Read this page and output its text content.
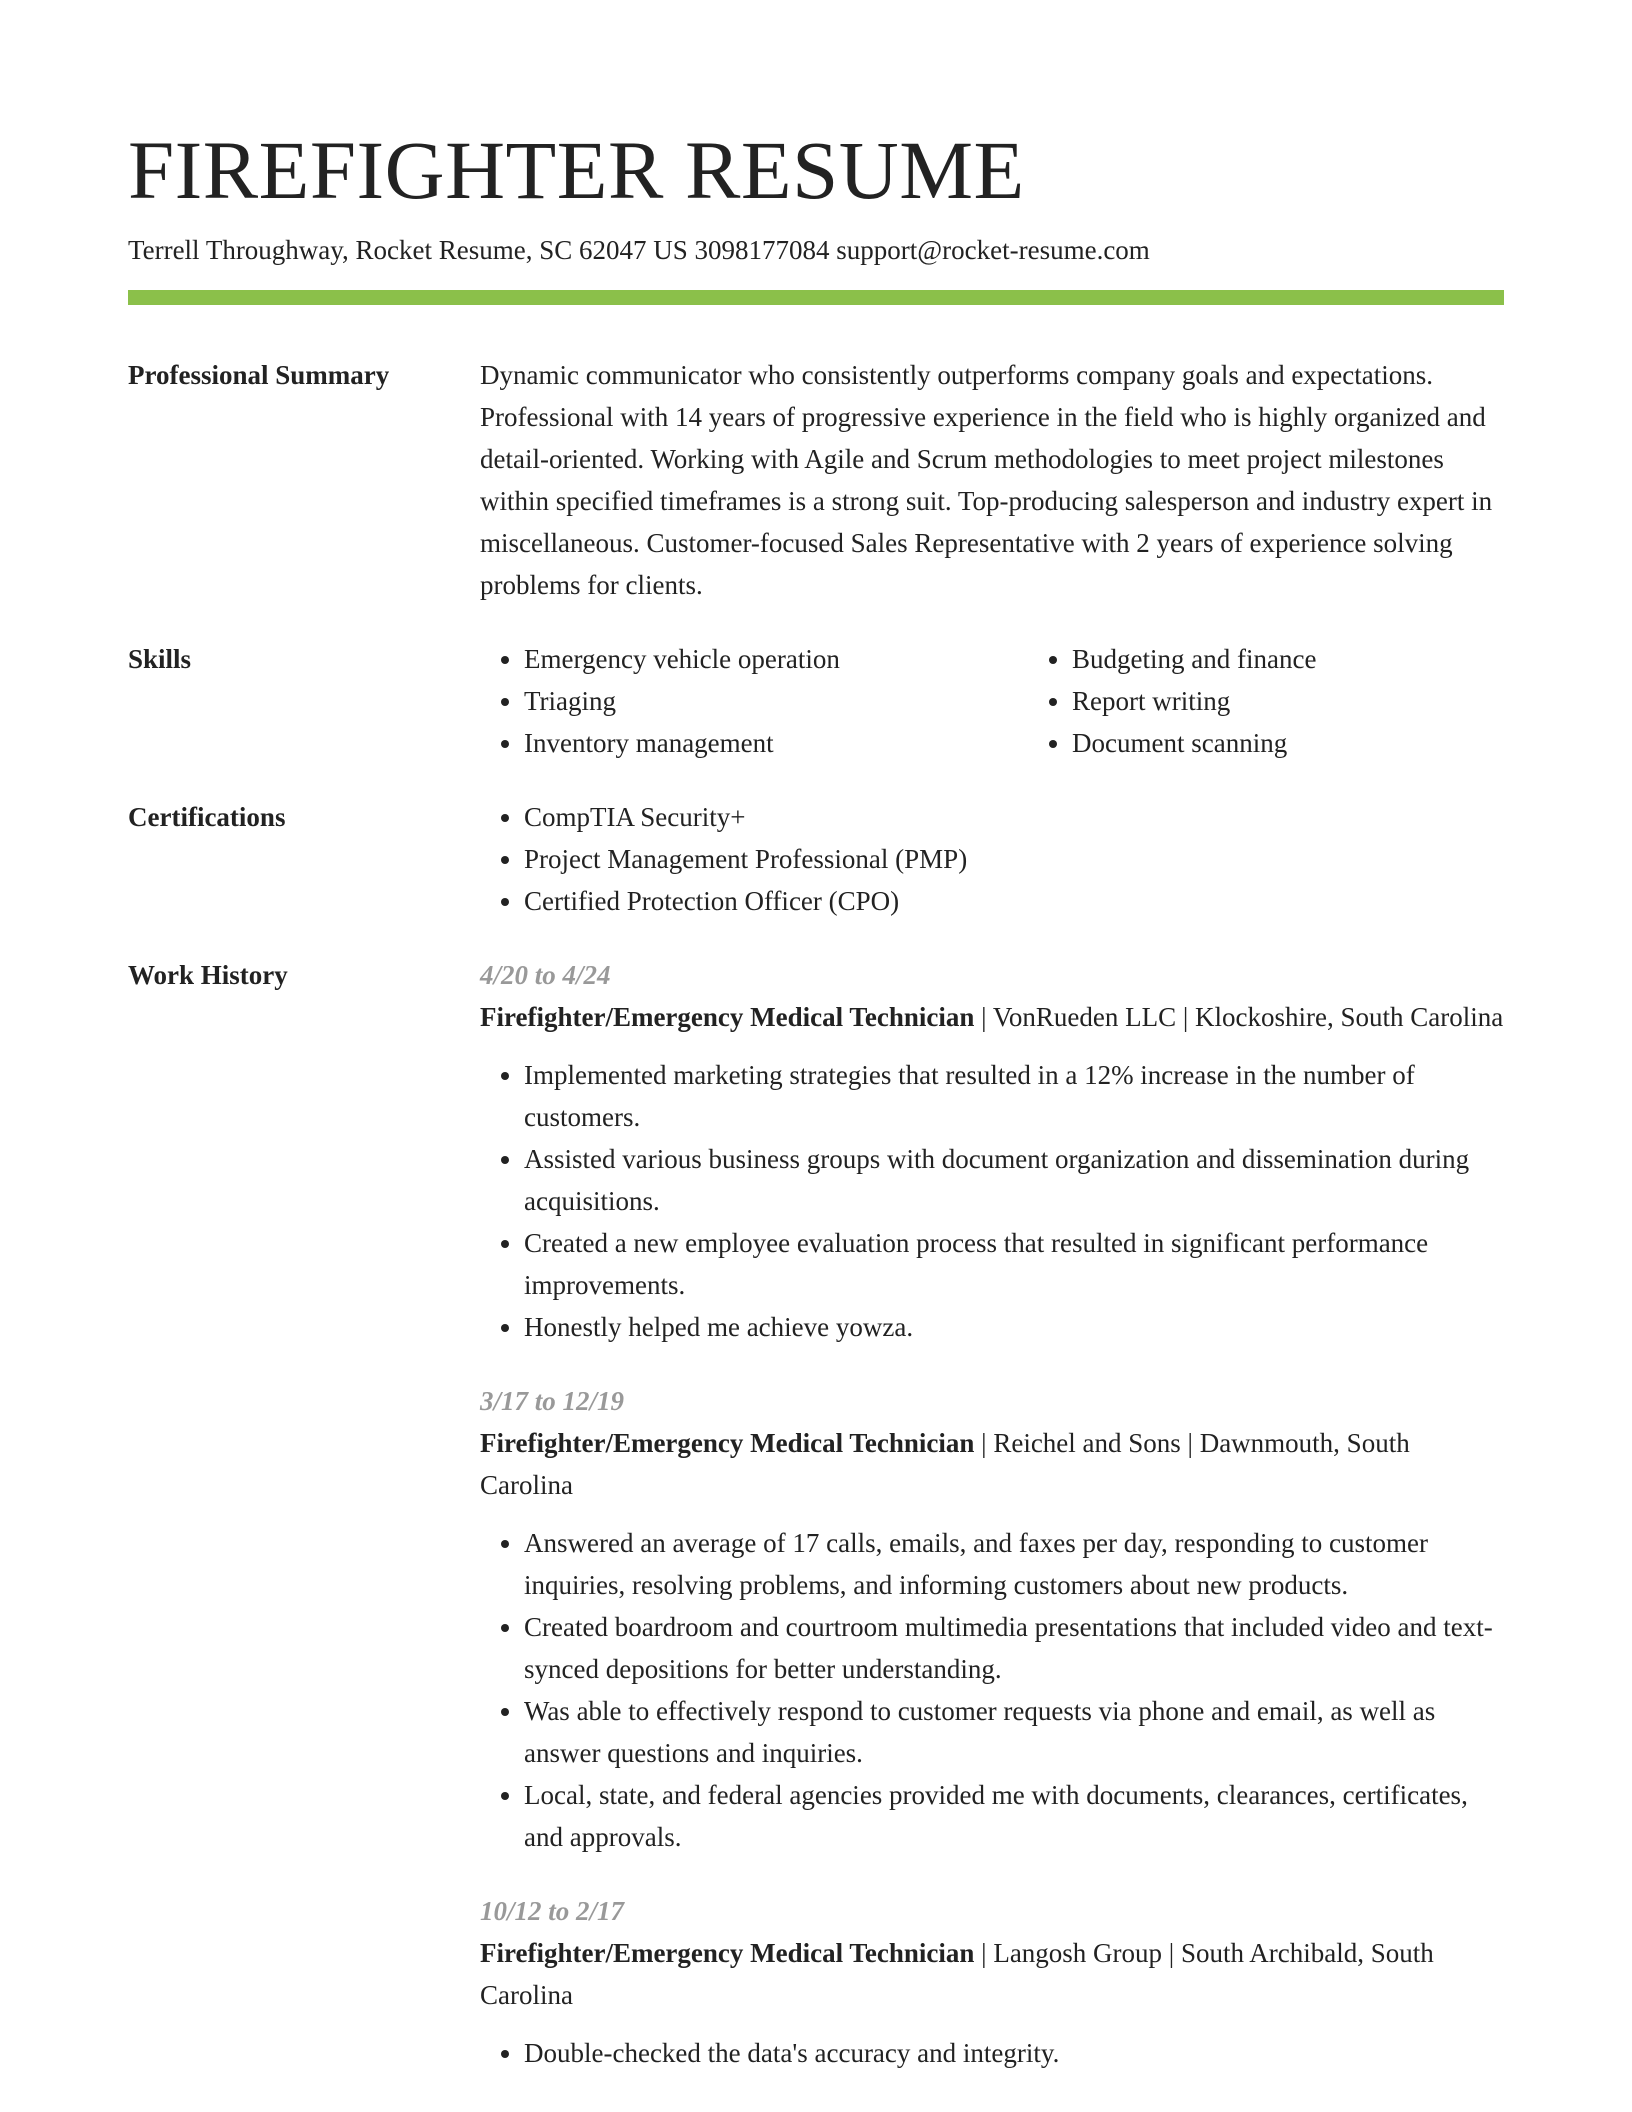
FIREFIGHTER RESUME
Terrell Throughway, Rocket Resume, SC 62047 US 3098177084 support@rocket-resume.com
Professional Summary	Dynamic communicator who consistently outperforms company goals and expectations. Professional with 14 years of progressive experience in the field who is highly organized and detail-oriented. Working with Agile and Scrum methodologies to meet project milestones within specified timeframes is a strong suit. Top-producing salesperson and industry expert in miscellaneous. Customer-focused Sales Representative with 2 years of experience solving problems for clients.
Skills	• Emergency vehicle operation
• Triaging
• Inventory management
• Budgeting and finance
• Report writing
• Document scanning
Certifications	• CompTIA Security+
• Project Management Professional (PMP)
• Certified Protection Officer (CPO)
Work History	4/20 to 4/24
Firefighter/Emergency Medical Technician | VonRueden LLC | Klockoshire, South Carolina
• Implemented marketing strategies that resulted in a 12% increase in the number of customers.
• Assisted various business groups with document organization and dissemination during acquisitions.
• Created a new employee evaluation process that resulted in significant performance improvements.
• Honestly helped me achieve yowza.
3/17 to 12/19
Firefighter/Emergency Medical Technician | Reichel and Sons | Dawnmouth, South Carolina
• Answered an average of 17 calls, emails, and faxes per day, responding to customer inquiries, resolving problems, and informing customers about new products.
• Created boardroom and courtroom multimedia presentations that included video and text-synced depositions for better understanding.
• Was able to effectively respond to customer requests via phone and email, as well as answer questions and inquiries.
• Local, state, and federal agencies provided me with documents, clearances, certificates, and approvals.
10/12 to 2/17
Firefighter/Emergency Medical Technician | Langosh Group | South Archibald, South Carolina
• Double-checked the data's accuracy and integrity.
